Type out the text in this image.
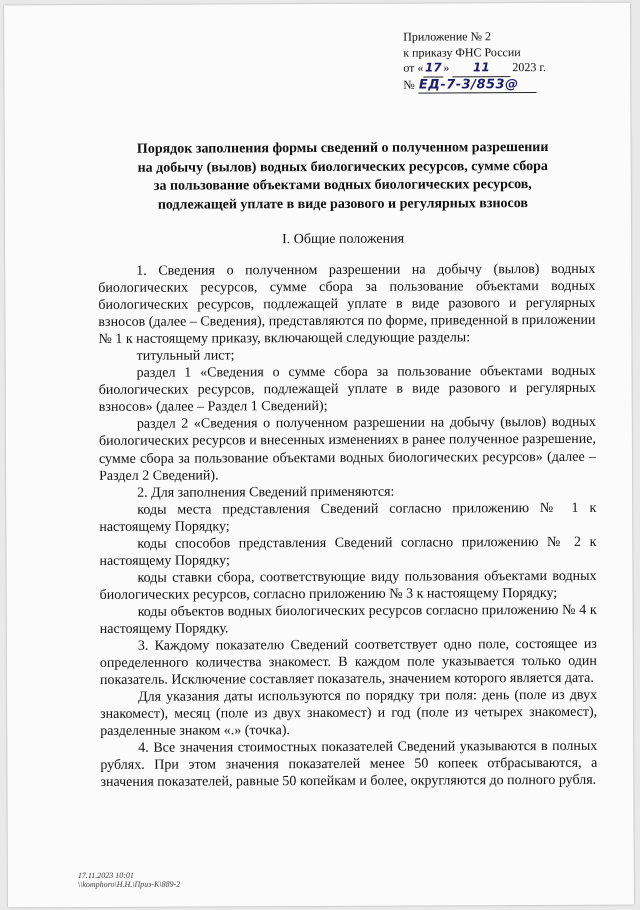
Приложение № 2
к приказу ФНС России
от « 17 » 11 2023 г.
№ ЕД-7-3/853@
Порядок заполнения формы сведений о полученном разрешении
на добычу (вылов) водных биологических ресурсов, сумме сбора
за пользование объектами водных биологических ресурсов,
подлежащей уплате в виде разового и регулярных взносов
I. Общие положения

1. Сведения о полученном разрешении на добычу (вылов) водных биологических ресурсов, сумме сбора за пользование объектами водных биологических ресурсов, подлежащей уплате в виде разового и регулярных взносов (далее – Сведения), представляются по форме, приведенной в приложении № 1 к настоящему приказу, включающей следующие разделы:

титульный лист;

раздел 1 «Сведения о сумме сбора за пользование объектами водных биологических ресурсов, подлежащей уплате в виде разового и регулярных взносов» (далее – Раздел 1 Сведений);

раздел 2 «Сведения о полученном разрешении на добычу (вылов) водных биологических ресурсов и внесенных изменениях в ранее полученное разрешение, сумме сбора за пользование объектами водных биологических ресурсов» (далее – Раздел 2 Сведений).

2. Для заполнения Сведений применяются:

коды места представления Сведений согласно приложению № 1 к настоящему Порядку;

коды способов представления Сведений согласно приложению № 2 к настоящему Порядку;

коды ставки сбора, соответствующие виду пользования объектами водных биологических ресурсов, согласно приложению № 3 к настоящему Порядку;

коды объектов водных биологических ресурсов согласно приложению № 4 к настоящему Порядку.

3. Каждому показателю Сведений соответствует одно поле, состоящее из определенного количества знакомест. В каждом поле указывается только один показатель. Исключение составляет показатель, значением которого является дата.

Для указания даты используются по порядку три поля: день (поле из двух знакомест), месяц (поле из двух знакомест) и год (поле из четырех знакомест), разделенные знаком «.» (точка).

4. Все значения стоимостных показателей Сведений указываются в полных рублях. При этом значения показателей менее 50 копеек отбрасываются, а значения показателей, равные 50 копейкам и более, округляются до полного рубля.

17.11.2023 10:01
\\komphoro\Н.Н.\Приз-К\889-2
